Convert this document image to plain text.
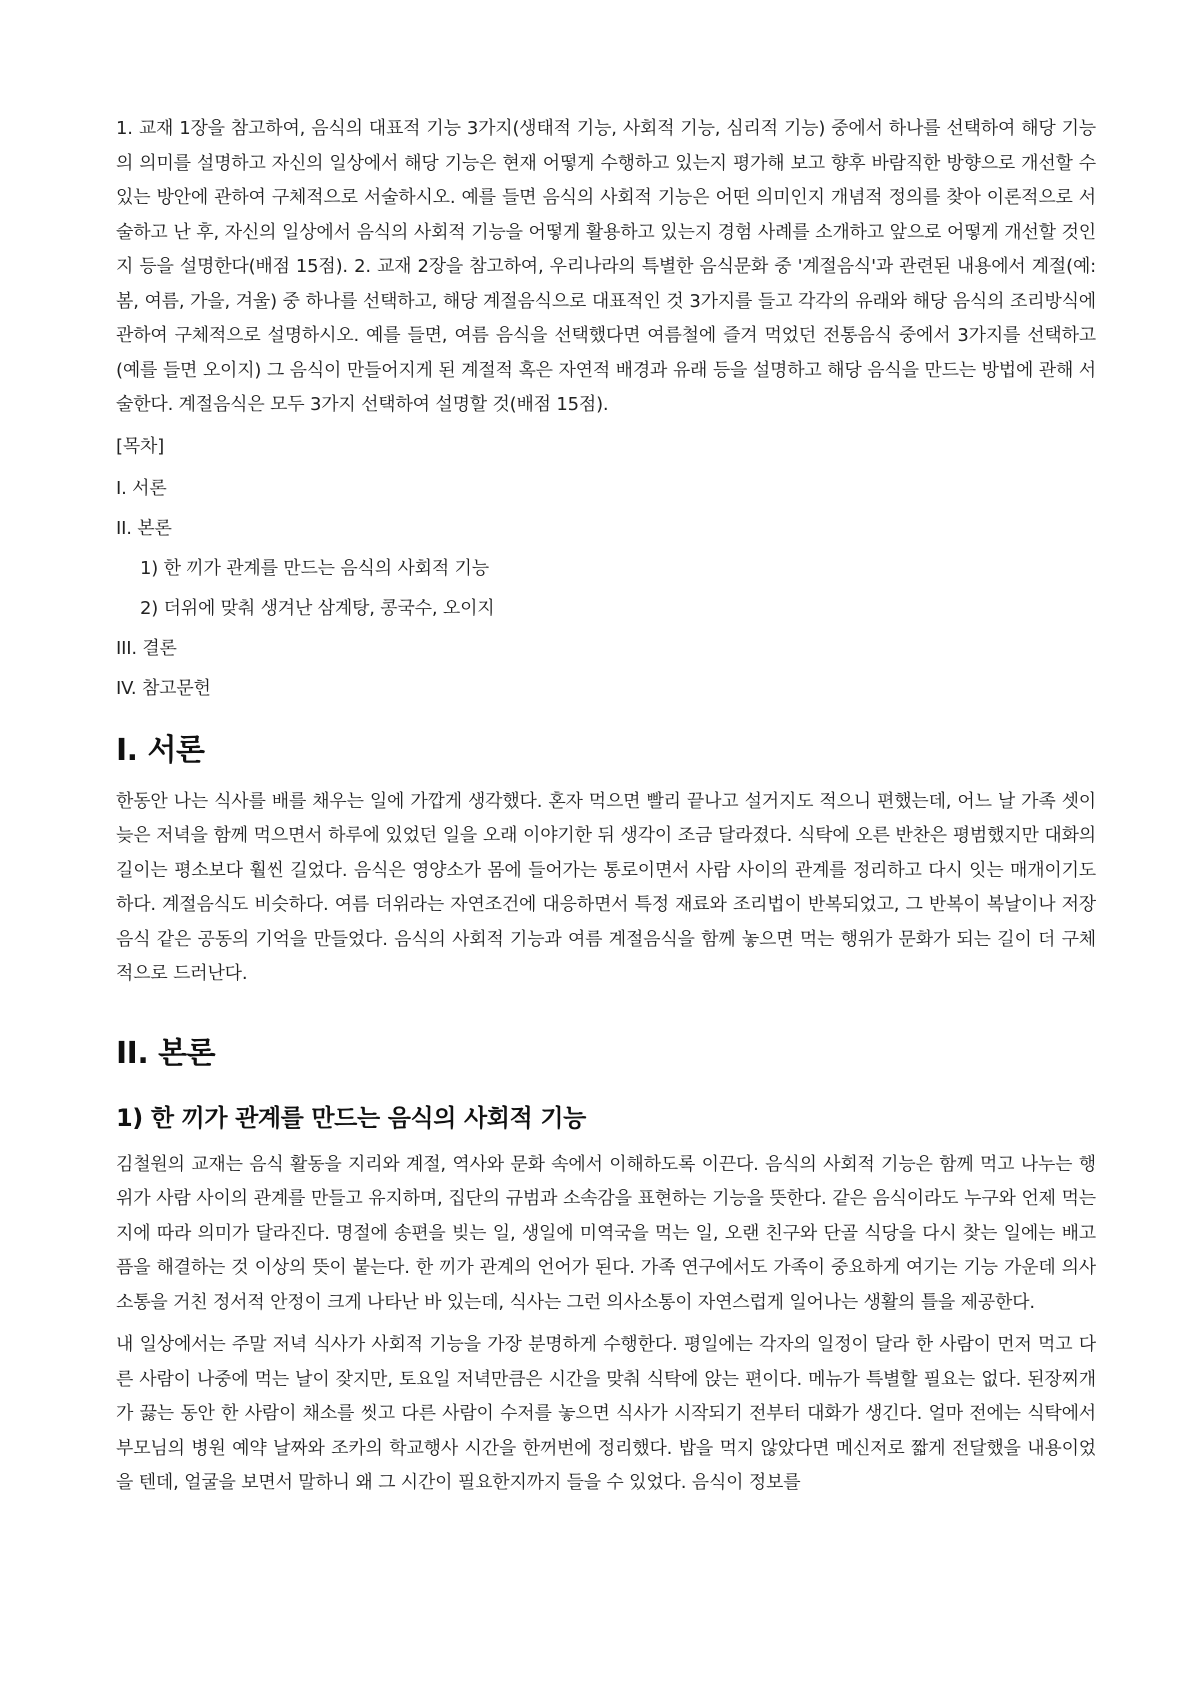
1. 교재 1장을 참고하여, 음식의 대표적 기능 3가지(생태적 기능, 사회적 기능, 심리적 기능) 중에서 하나를 선택하여 해당 기능의 의미를 설명하고 자신의 일상에서 해당 기능은 현재 어떻게 수행하고 있는지 평가해 보고 향후 바람직한 방향으로 개선할 수 있는 방안에 관하여 구체적으로 서술하시오. 예를 들면 음식의 사회적 기능은 어떤 의미인지 개념적 정의를 찾아 이론적으로 서술하고 난 후, 자신의 일상에서 음식의 사회적 기능을 어떻게 활용하고 있는지 경험 사례를 소개하고 앞으로 어떻게 개선할 것인지 등을 설명한다(배점 15점). 2. 교재 2장을 참고하여, 우리나라의 특별한 음식문화 중 '계절음식'과 관련된 내용에서 계절(예: 봄, 여름, 가을, 겨울) 중 하나를 선택하고, 해당 계절음식으로 대표적인 것 3가지를 들고 각각의 유래와 해당 음식의 조리방식에 관하여 구체적으로 설명하시오. 예를 들면, 여름 음식을 선택했다면 여름철에 즐겨 먹었던 전통음식 중에서 3가지를 선택하고(예를 들면 오이지) 그 음식이 만들어지게 된 계절적 혹은 자연적 배경과 유래 등을 설명하고 해당 음식을 만드는 방법에 관해 서술한다. 계절음식은 모두 3가지 선택하여 설명할 것(배점 15점).

[목차]

I. 서론

II. 본론

1) 한 끼가 관계를 만드는 음식의 사회적 기능

2) 더위에 맞춰 생겨난 삼계탕, 콩국수, 오이지

III. 결론

IV. 참고문헌

I. 서론

한동안 나는 식사를 배를 채우는 일에 가깝게 생각했다. 혼자 먹으면 빨리 끝나고 설거지도 적으니 편했는데, 어느 날 가족 셋이 늦은 저녁을 함께 먹으면서 하루에 있었던 일을 오래 이야기한 뒤 생각이 조금 달라졌다. 식탁에 오른 반찬은 평범했지만 대화의 길이는 평소보다 훨씬 길었다. 음식은 영양소가 몸에 들어가는 통로이면서 사람 사이의 관계를 정리하고 다시 잇는 매개이기도 하다. 계절음식도 비슷하다. 여름 더위라는 자연조건에 대응하면서 특정 재료와 조리법이 반복되었고, 그 반복이 복날이나 저장음식 같은 공동의 기억을 만들었다. 음식의 사회적 기능과 여름 계절음식을 함께 놓으면 먹는 행위가 문화가 되는 길이 더 구체적으로 드러난다.

II. 본론
1) 한 끼가 관계를 만드는 음식의 사회적 기능

김철원의 교재는 음식 활동을 지리와 계절, 역사와 문화 속에서 이해하도록 이끈다. 음식의 사회적 기능은 함께 먹고 나누는 행위가 사람 사이의 관계를 만들고 유지하며, 집단의 규범과 소속감을 표현하는 기능을 뜻한다. 같은 음식이라도 누구와 언제 먹는지에 따라 의미가 달라진다. 명절에 송편을 빚는 일, 생일에 미역국을 먹는 일, 오랜 친구와 단골 식당을 다시 찾는 일에는 배고픔을 해결하는 것 이상의 뜻이 붙는다. 한 끼가 관계의 언어가 된다. 가족 연구에서도 가족이 중요하게 여기는 기능 가운데 의사소통을 거친 정서적 안정이 크게 나타난 바 있는데, 식사는 그런 의사소통이 자연스럽게 일어나는 생활의 틀을 제공한다.

내 일상에서는 주말 저녁 식사가 사회적 기능을 가장 분명하게 수행한다. 평일에는 각자의 일정이 달라 한 사람이 먼저 먹고 다른 사람이 나중에 먹는 날이 잦지만, 토요일 저녁만큼은 시간을 맞춰 식탁에 앉는 편이다. 메뉴가 특별할 필요는 없다. 된장찌개가 끓는 동안 한 사람이 채소를 씻고 다른 사람이 수저를 놓으면 식사가 시작되기 전부터 대화가 생긴다. 얼마 전에는 식탁에서 부모님의 병원 예약 날짜와 조카의 학교행사 시간을 한꺼번에 정리했다. 밥을 먹지 않았다면 메신저로 짧게 전달했을 내용이었을 텐데, 얼굴을 보면서 말하니 왜 그 시간이 필요한지까지 들을 수 있었다. 음식이 정보를
